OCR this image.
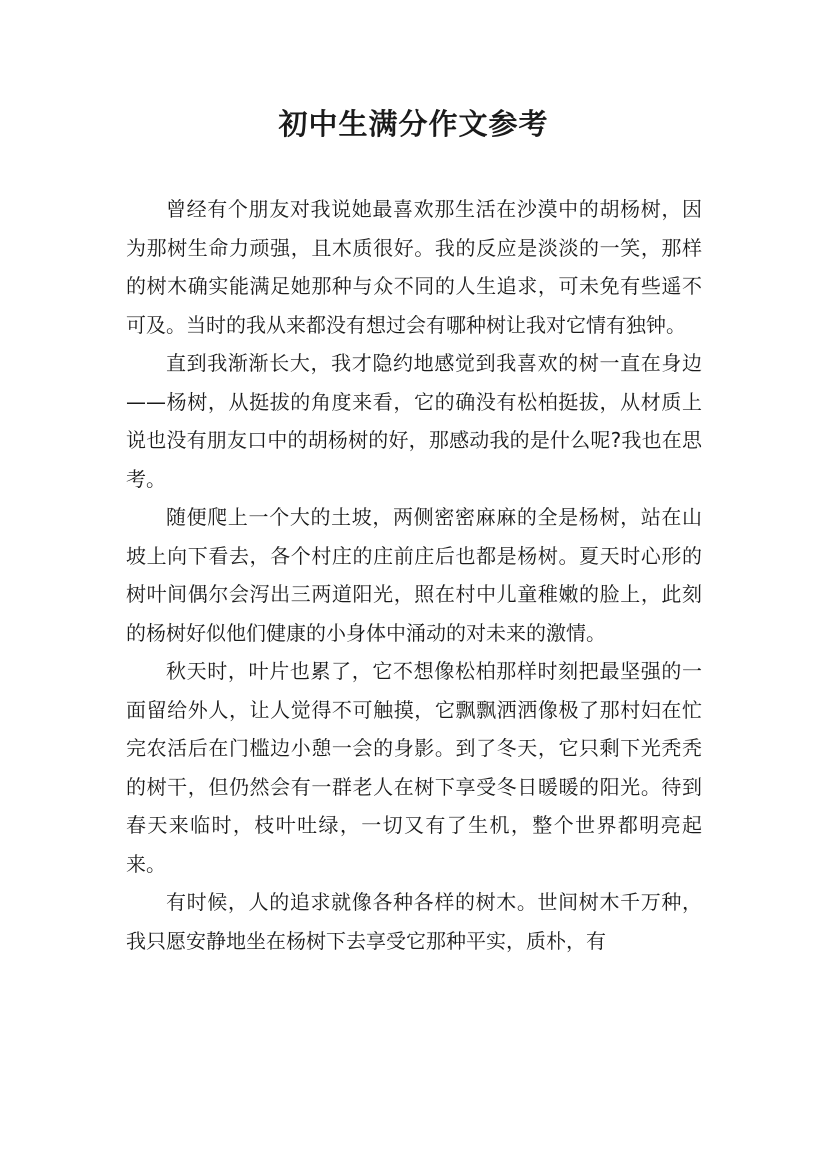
初中生满分作文参考

曾经有个朋友对我说她最喜欢那生活在沙漠中的胡杨树，因为那树生命力顽强，且木质很好。我的反应是淡淡的一笑，那样的树木确实能满足她那种与众不同的人生追求，可未免有些遥不可及。当时的我从来都没有想过会有哪种树让我对它情有独钟。

直到我渐渐长大，我才隐约地感觉到我喜欢的树一直在身边——杨树，从挺拔的角度来看，它的确没有松柏挺拔，从材质上说也没有朋友口中的胡杨树的好，那感动我的是什么呢?我也在思考。

随便爬上一个大的土坡，两侧密密麻麻的全是杨树，站在山坡上向下看去，各个村庄的庄前庄后也都是杨树。夏天时心形的树叶间偶尔会泻出三两道阳光，照在村中儿童稚嫩的脸上，此刻的杨树好似他们健康的小身体中涌动的对未来的激情。

秋天时，叶片也累了，它不想像松柏那样时刻把最坚强的一面留给外人，让人觉得不可触摸，它飘飘洒洒像极了那村妇在忙完农活后在门槛边小憩一会的身影。到了冬天，它只剩下光秃秃的树干，但仍然会有一群老人在树下享受冬日暖暖的阳光。待到春天来临时，枝叶吐绿，一切又有了生机，整个世界都明亮起来。

有时候，人的追求就像各种各样的树木。世间树木千万种，我只愿安静地坐在杨树下去享受它那种平实，质朴，有
